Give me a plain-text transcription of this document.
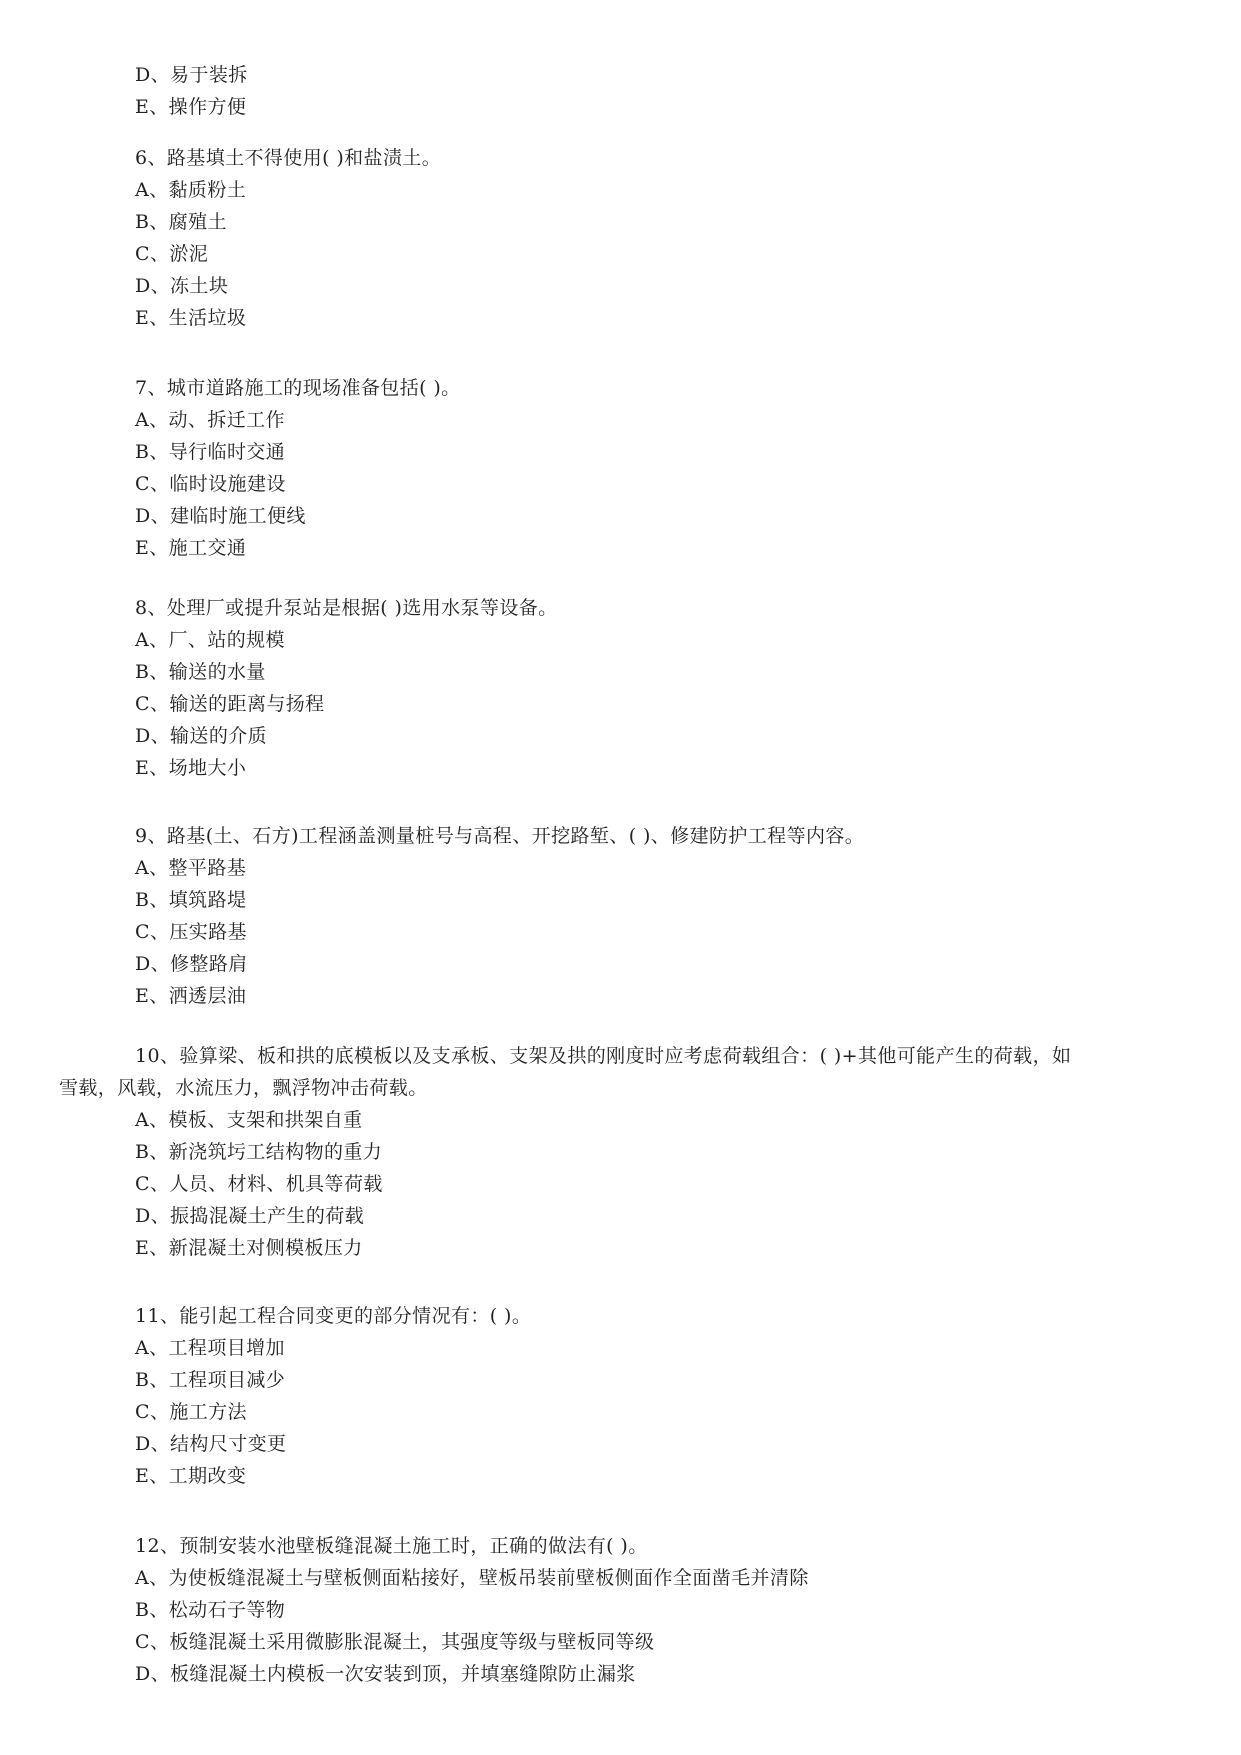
D、易于装拆
E、操作方便
6、路基填土不得使用( )和盐渍土。
A、黏质粉土
B、腐殖土
C、淤泥
D、冻土块
E、生活垃圾
7、城市道路施工的现场准备包括( )。
A、动、拆迁工作
B、导行临时交通
C、临时设施建设
D、建临时施工便线
E、施工交通
8、处理厂或提升泵站是根据( )选用水泵等设备。
A、厂、站的规模
B、输送的水量
C、输送的距离与扬程
D、输送的介质
E、场地大小
9、路基(土、石方)工程涵盖测量桩号与高程、开挖路堑、( )、修建防护工程等内容。
A、整平路基
B、填筑路堤
C、压实路基
D、修整路肩
E、洒透层油
10、验算梁、板和拱的底模板以及支承板、支架及拱的刚度时应考虑荷载组合：( )+其他可能产生的荷载，如
雪载，风载，水流压力，飘浮物冲击荷载。
A、模板、支架和拱架自重
B、新浇筑圬工结构物的重力
C、人员、材料、机具等荷载
D、振捣混凝土产生的荷载
E、新混凝土对侧模板压力
11、能引起工程合同变更的部分情况有：( )。
A、工程项目增加
B、工程项目减少
C、施工方法
D、结构尺寸变更
E、工期改变
12、预制安装水池壁板缝混凝土施工时，正确的做法有( )。
A、为使板缝混凝土与壁板侧面粘接好，壁板吊装前壁板侧面作全面凿毛并清除
B、松动石子等物
C、板缝混凝土采用微膨胀混凝土，其强度等级与壁板同等级
D、板缝混凝土内模板一次安装到顶，并填塞缝隙防止漏浆
